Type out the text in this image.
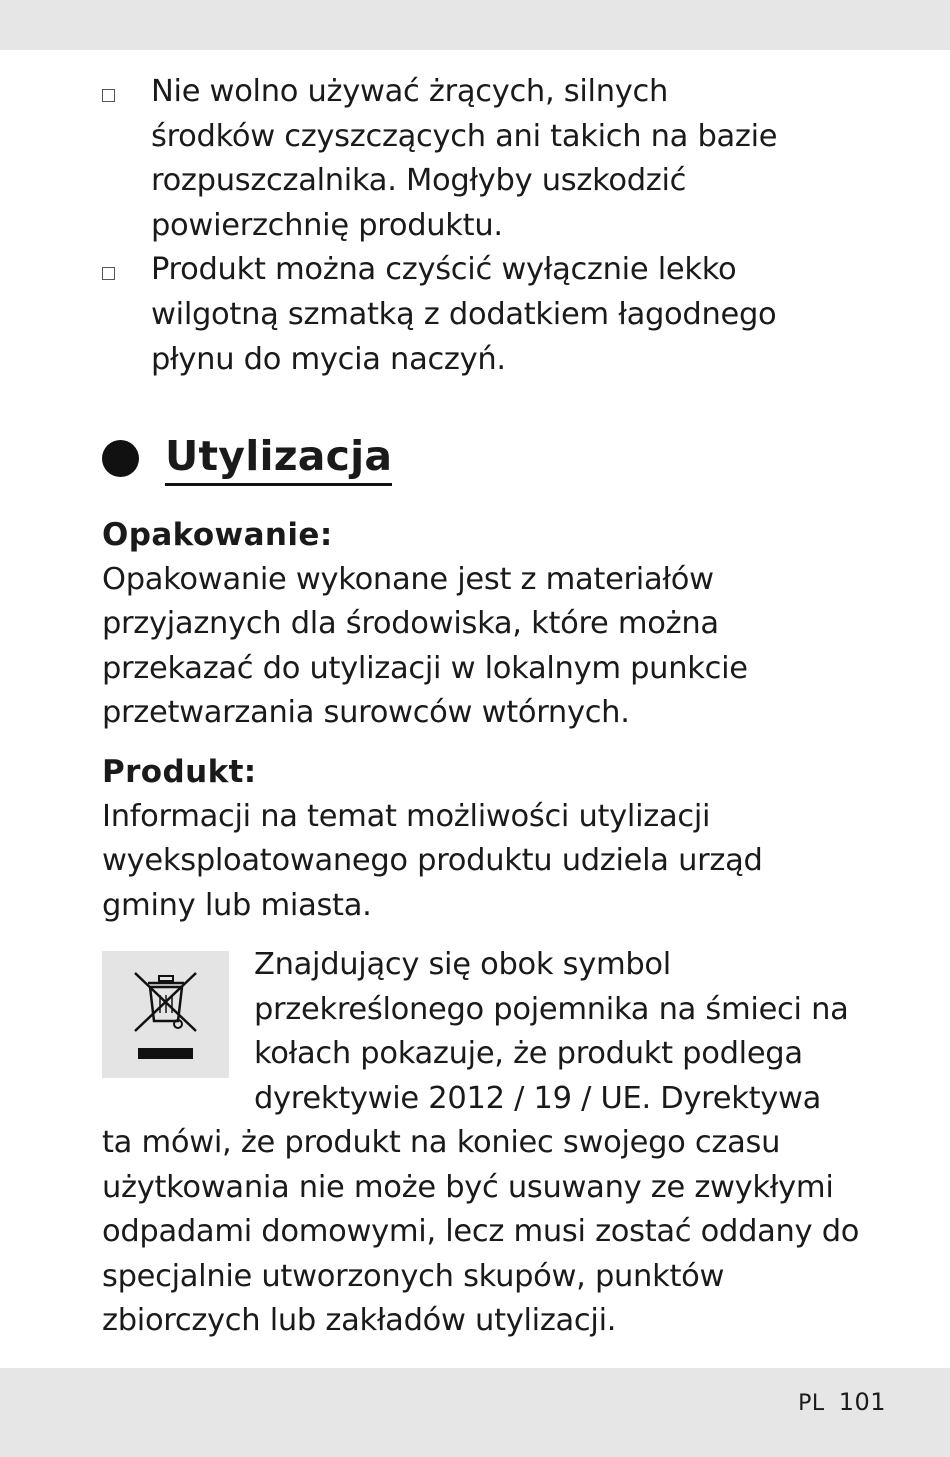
Nie wolno używać żrących, silnych
środków czyszczących ani takich na bazie
rozpuszczalnika. Mogłyby uszkodzić
powierzchnię produktu.
Produkt można czyścić wyłącznie lekko
wilgotną szmatką z dodatkiem łagodnego
płynu do mycia naczyń.
Utylizacja
Opakowanie:
Opakowanie wykonane jest z materiałów
przyjaznych dla środowiska, które można
przekazać do utylizacji w lokalnym punkcie
przetwarzania surowców wtórnych.
Produkt:
Informacji na temat możliwości utylizacji
wyeksploatowanego produktu udziela urząd
gminy lub miasta.
Znajdujący się obok symbol
przekreślonego pojemnika na śmieci na
kołach pokazuje, że produkt podlega
dyrektywie 2012 / 19 / UE. Dyrektywa
ta mówi, że produkt na koniec swojego czasu
użytkowania nie może być usuwany ze zwykłymi
odpadami domowymi, lecz musi zostać oddany do
specjalnie utworzonych skupów, punktów
zbiorczych lub zakładów utylizacji.
PL 101
